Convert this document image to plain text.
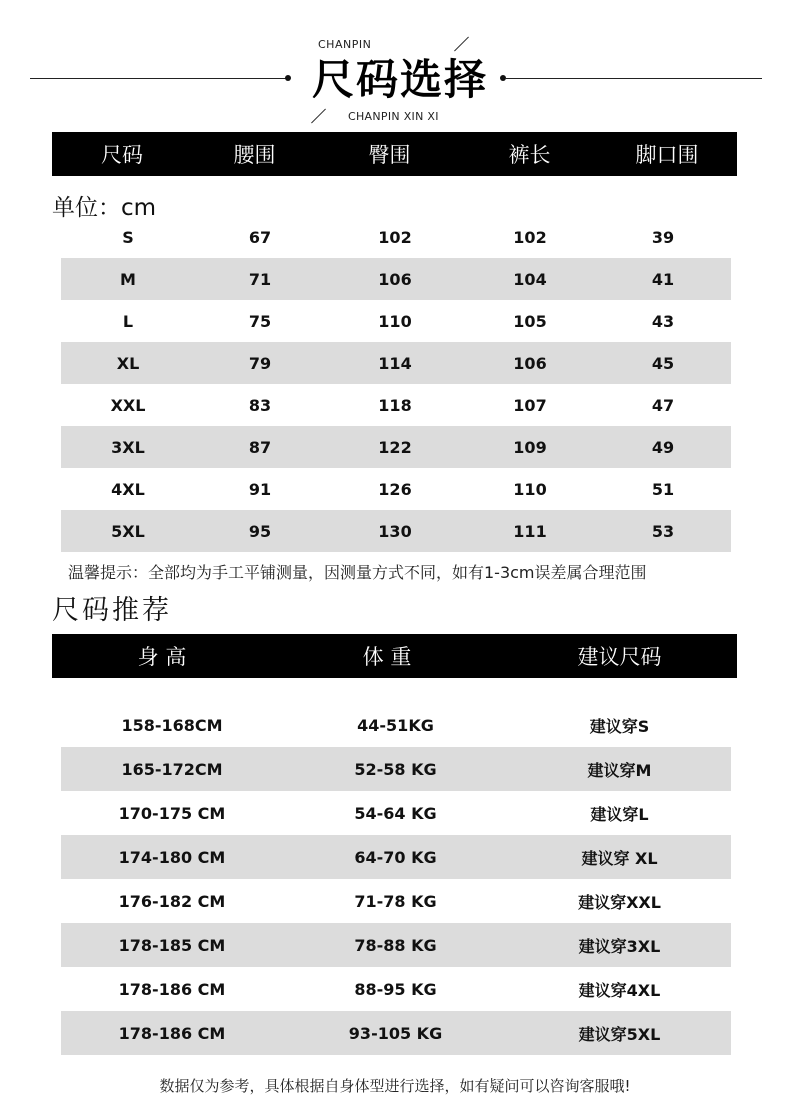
CHANPIN
尺码选择
CHANPIN XIN XI
尺码	腰围	臀围	裤长	脚口围
单位：cm
S	67	102	102	39
M	71	106	104	41
L	75	110	105	43
XL	79	114	106	45
XXL	83	118	107	47
3XL	87	122	109	49
4XL	91	126	110	51
5XL	95	130	111	53
温馨提示：全部均为手工平铺测量，因测量方式不同，如有1-3cm误差属合理范围
尺码推荐
身 高	体 重	建议尺码
158-168CM	44-51KG	建议穿S
165-172CM	52-58 KG	建议穿M
170-175 CM	54-64 KG	建议穿L
174-180 CM	64-70 KG	建议穿 XL
176-182 CM	71-78 KG	建议穿XXL
178-185 CM	78-88 KG	建议穿3XL
178-186 CM	88-95 KG	建议穿4XL
178-186 CM	93-105 KG	建议穿5XL
数据仅为参考，具体根据自身体型进行选择，如有疑问可以咨询客服哦!
